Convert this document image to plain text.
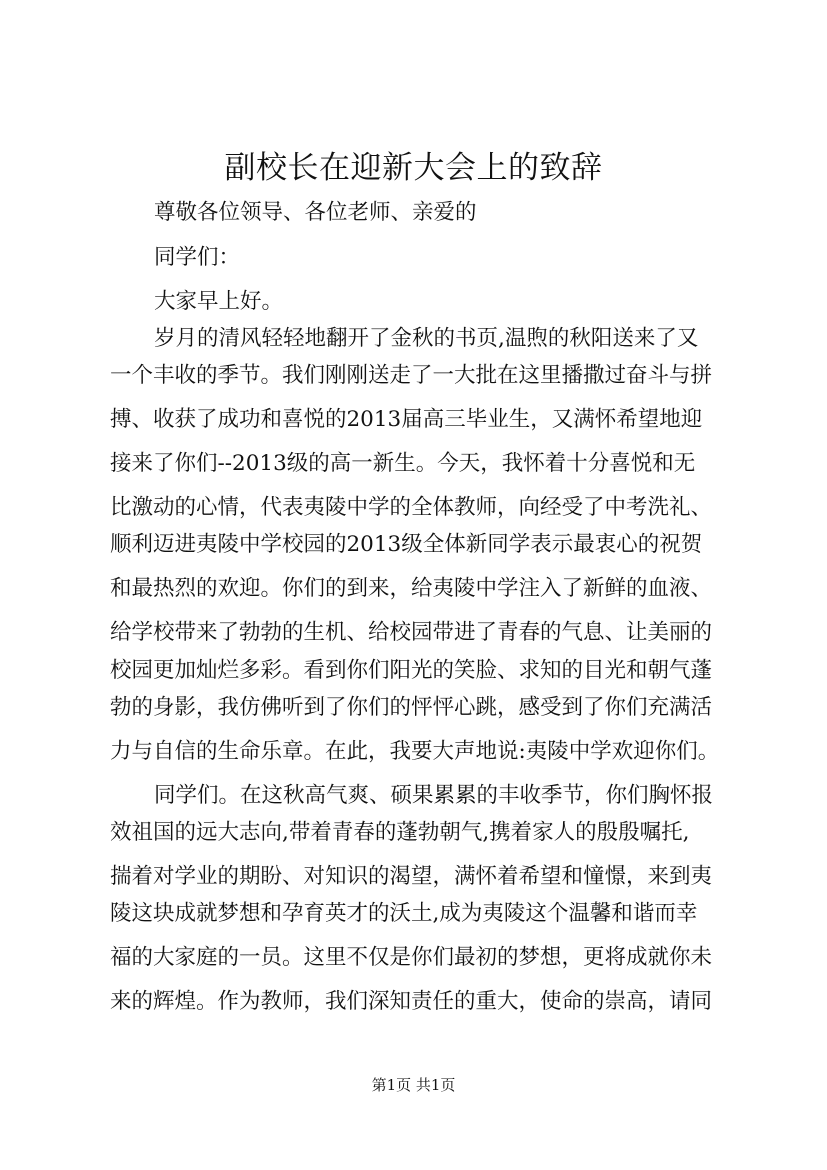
副校长在迎新大会上的致辞

尊敬各位领导、各位老师、亲爱的

同学们：

大家早上好。

岁月的清风轻轻地翻开了金秋的书页,温煦的秋阳送来了又

一个丰收的季节。我们刚刚送走了一大批在这里播撒过奋斗与拼

搏、收获了成功和喜悦的2013届高三毕业生，又满怀希望地迎

接来了你们--2013级的高一新生。今天，我怀着十分喜悦和无

比激动的心情，代表夷陵中学的全体教师，向经受了中考洗礼、

顺利迈进夷陵中学校园的2013级全体新同学表示最衷心的祝贺

和最热烈的欢迎。你们的到来，给夷陵中学注入了新鲜的血液、

给学校带来了勃勃的生机、给校园带进了青春的气息、让美丽的

校园更加灿烂多彩。看到你们阳光的笑脸、求知的目光和朝气蓬

勃的身影，我仿佛听到了你们的怦怦心跳，感受到了你们充满活

力与自信的生命乐章。在此，我要大声地说:夷陵中学欢迎你们。

同学们。在这秋高气爽、硕果累累的丰收季节，你们胸怀报

效祖国的远大志向,带着青春的蓬勃朝气,携着家人的殷殷嘱托,

揣着对学业的期盼、对知识的渴望，满怀着希望和憧憬，来到夷

陵这块成就梦想和孕育英才的沃土,成为夷陵这个温馨和谐而幸

福的大家庭的一员。这里不仅是你们最初的梦想，更将成就你未

来的辉煌。作为教师，我们深知责任的重大，使命的崇高，请同

第1页 共1页
